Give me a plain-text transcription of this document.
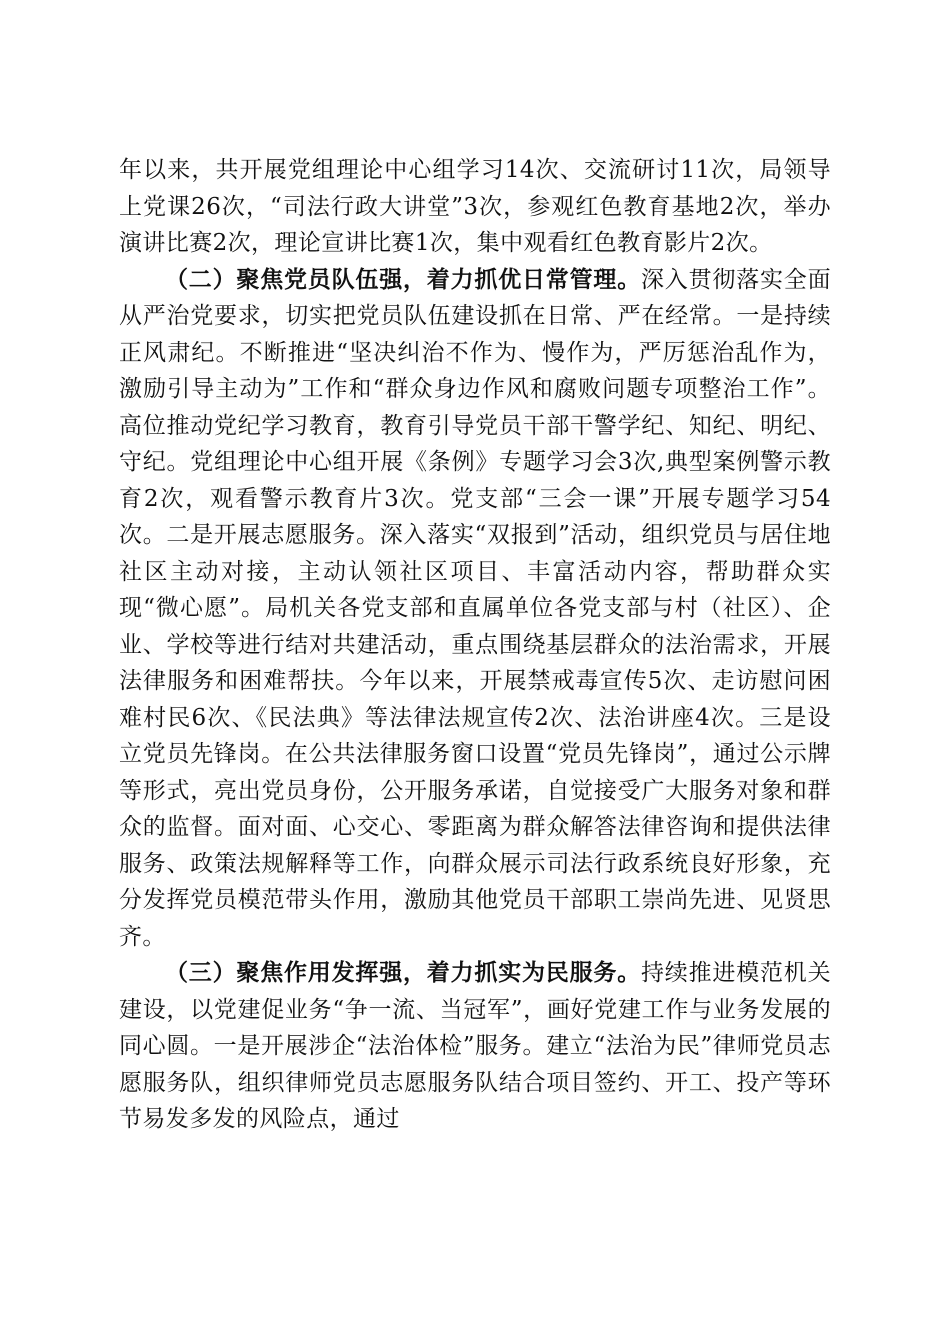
年以来，共开展党组理论中心组学习14次、交流研讨11次，局领导上党课26次，“司法行政大讲堂”3次，参观红色教育基地2次，举办演讲比赛2次，理论宣讲比赛1次，集中观看红色教育影片2次。

（二）聚焦党员队伍强，着力抓优日常管理。深入贯彻落实全面从严治党要求，切实把党员队伍建设抓在日常、严在经常。一是持续正风肃纪。不断推进“坚决纠治不作为、慢作为，严厉惩治乱作为，激励引导主动为”工作和“群众身边作风和腐败问题专项整治工作”。高位推动党纪学习教育，教育引导党员干部干警学纪、知纪、明纪、守纪。党组理论中心组开展《条例》专题学习会3次,典型案例警示教育2次，观看警示教育片3次。党支部“三会一课”开展专题学习54次。二是开展志愿服务。深入落实“双报到”活动，组织党员与居住地社区主动对接，主动认领社区项目、丰富活动内容，帮助群众实现“微心愿”。局机关各党支部和直属单位各党支部与村（社区）、企业、学校等进行结对共建活动，重点围绕基层群众的法治需求，开展法律服务和困难帮扶。今年以来，开展禁戒毒宣传5次、走访慰问困难村民6次、《民法典》等法律法规宣传2次、法治讲座4次。三是设立党员先锋岗。在公共法律服务窗口设置“党员先锋岗”，通过公示牌等形式，亮出党员身份，公开服务承诺，自觉接受广大服务对象和群众的监督。面对面、心交心、零距离为群众解答法律咨询和提供法律服务、政策法规解释等工作，向群众展示司法行政系统良好形象，充分发挥党员模范带头作用，激励其他党员干部职工崇尚先进、见贤思齐。

（三）聚焦作用发挥强，着力抓实为民服务。持续推进模范机关建设，以党建促业务“争一流、当冠军”，画好党建工作与业务发展的同心圆。一是开展涉企“法治体检”服务。建立“法治为民”律师党员志愿服务队，组织律师党员志愿服务队结合项目签约、开工、投产等环节易发多发的风险点，通过
